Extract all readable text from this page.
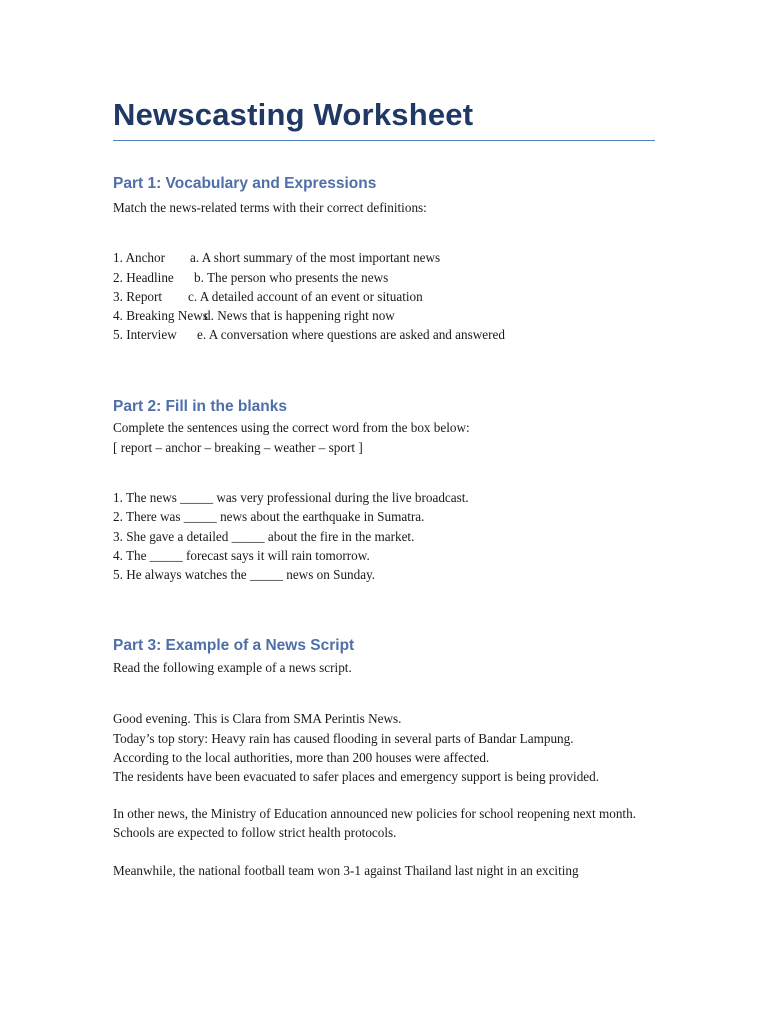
Newscasting Worksheet
Part 1: Vocabulary and Expressions

Match the news-related terms with their correct definitions:

1. Anchor a. A short summary of the most important news

2. Headline b. The person who presents the news

3. Report c. A detailed account of an event or situation

4. Breaking Newsd. News that is happening right now

5. Interview e. A conversation where questions are asked and answered

Part 2: Fill in the blanks

Complete the sentences using the correct word from the box below:

[ report – anchor – breaking – weather – sport ]

1. The news _____ was very professional during the live broadcast.

2. There was _____ news about the earthquake in Sumatra.

3. She gave a detailed _____ about the fire in the market.

4. The _____ forecast says it will rain tomorrow.

5. He always watches the _____ news on Sunday.

Part 3: Example of a News Script

Read the following example of a news script.

Good evening. This is Clara from SMA Perintis News.

Today’s top story: Heavy rain has caused flooding in several parts of Bandar Lampung.

According to the local authorities, more than 200 houses were affected.

The residents have been evacuated to safer places and emergency support is being provided.

In other news, the Ministry of Education announced new policies for school reopening next month.

Schools are expected to follow strict health protocols.

Meanwhile, the national football team won 3-1 against Thailand last night in an exciting
